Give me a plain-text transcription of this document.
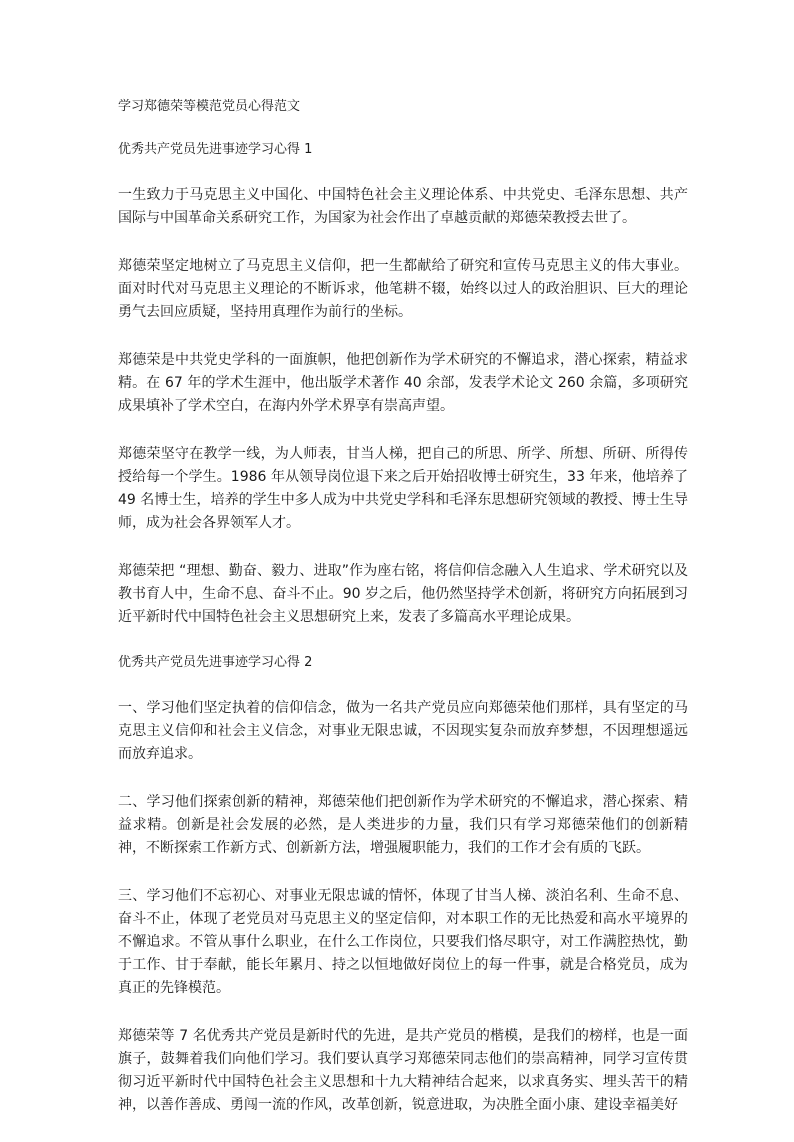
学习郑德荣等模范党员心得范文
优秀共产党员先进事迹学习心得 1

一生致力于马克思主义中国化、中国特色社会主义理论体系、中共党史、毛泽东思想、共产国际与中国革命关系研究工作，为国家为社会作出了卓越贡献的郑德荣教授去世了。

郑德荣坚定地树立了马克思主义信仰，把一生都献给了研究和宣传马克思主义的伟大事业。面对时代对马克思主义理论的不断诉求，他笔耕不辍，始终以过人的政治胆识、巨大的理论勇气去回应质疑，坚持用真理作为前行的坐标。

郑德荣是中共党史学科的一面旗帜，他把创新作为学术研究的不懈追求，潜心探索，精益求精。在 67 年的学术生涯中，他出版学术著作 40 余部，发表学术论文 260 余篇，多项研究成果填补了学术空白，在海内外学术界享有崇高声望。

郑德荣坚守在教学一线，为人师表，甘当人梯，把自己的所思、所学、所想、所研、所得传授给每一个学生。1986 年从领导岗位退下来之后开始招收博士研究生，33 年来，他培养了 49 名博士生，培养的学生中多人成为中共党史学科和毛泽东思想研究领域的教授、博士生导师，成为社会各界领军人才。

郑德荣把 “理想、勤奋、毅力、进取”作为座右铭，将信仰信念融入人生追求、学术研究以及教书育人中，生命不息、奋斗不止。90 岁之后，他仍然坚持学术创新，将研究方向拓展到习近平新时代中国特色社会主义思想研究上来，发表了多篇高水平理论成果。

优秀共产党员先进事迹学习心得 2

一、学习他们坚定执着的信仰信念，做为一名共产党员应向郑德荣他们那样，具有坚定的马克思主义信仰和社会主义信念，对事业无限忠诚，不因现实复杂而放弃梦想，不因理想遥远而放弃追求。

二、学习他们探索创新的精神，郑德荣他们把创新作为学术研究的不懈追求，潜心探索、精益求精。创新是社会发展的必然，是人类进步的力量，我们只有学习郑德荣他们的创新精神，不断探索工作新方式、创新新方法，增强履职能力，我们的工作才会有质的飞跃。

三、学习他们不忘初心、对事业无限忠诚的情怀，体现了甘当人梯、淡泊名利、生命不息、奋斗不止，体现了老党员对马克思主义的坚定信仰，对本职工作的无比热爱和高水平境界的不懈追求。不管从事什么职业，在什么工作岗位，只要我们恪尽职守，对工作满腔热忱，勤于工作、甘于奉献，能长年累月、持之以恒地做好岗位上的每一件事，就是合格党员，成为真正的先锋模范。

郑德荣等 7 名优秀共产党员是新时代的先进，是共产党员的楷模，是我们的榜样，也是一面旗子，鼓舞着我们向他们学习。我们要认真学习郑德荣同志他们的崇高精神，同学习宣传贯彻习近平新时代中国特色社会主义思想和十九大精神结合起来，以求真务实、埋头苦干的精神，以善作善成、勇闯一流的作风，改革创新，锐意进取，为决胜全面小康、建设幸福美好
